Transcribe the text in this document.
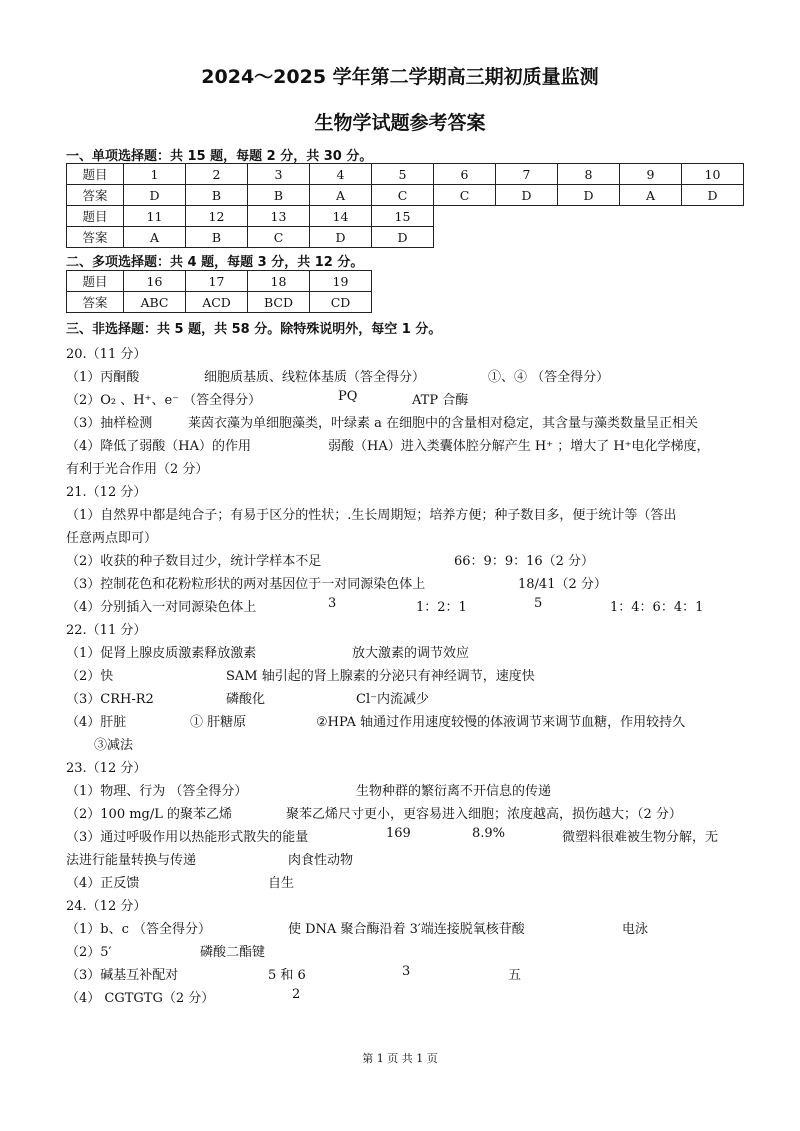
2024～2025 学年第二学期高三期初质量监测
生物学试题参考答案
一、单项选择题：共 15 题，每题 2 分，共 30 分。
题目	1	2	3	4	5	6	7	8	9	10
答案	D	B	B	A	C	C	D	D	A	D
题目	11	12	13	14	15
答案	A	B	C	D	D
二、多项选择题：共 4 题，每题 3 分，共 12 分。
题目	16	17	18	19
答案	ABC	ACD	BCD	CD
三、非选择题：共 5 题，共 58 分。除特殊说明外，每空 1 分。
20.（11 分）
（1）丙酮酸	细胞质基质、线粒体基质（答全得分）	①、④ （答全得分）
（2）O₂ 、H⁺、e⁻ （答全得分）	PQ	ATP 合酶
（3）抽样检测	莱茵衣藻为单细胞藻类，叶绿素 a 在细胞中的含量相对稳定，其含量与藻类数量呈正相关
（4）降低了弱酸（HA）的作用	弱酸（HA）进入类囊体腔分解产生 H⁺ ；增大了 H⁺电化学梯度，
有利于光合作用（2 分）
21.（12 分）
（1）自然界中都是纯合子；有易于区分的性状；.生长周期短；培养方便；种子数目多，便于统计等（答出
任意两点即可）
（2）收获的种子数目过少，统计学样本不足	66：9：9：16（2 分）
（3）控制花色和花粉粒形状的两对基因位于一对同源染色体上	18/41（2 分）
（4）分别插入一对同源染色体上	3	1：2：1	5	1：4：6：4：1
22.（11 分）
（1）促肾上腺皮质激素释放激素	放大激素的调节效应
（2）快	SAM 轴引起的肾上腺素的分泌只有神经调节，速度快
（3）CRH-R2	磷酸化	Cl⁻内流减少
（4）肝脏	① 肝糖原	②HPA 轴通过作用速度较慢的体液调节来调节血糖，作用较持久
③减法
23.（12 分）
（1）物理、行为 （答全得分）	生物种群的繁衍离不开信息的传递
（2）100 mg/L 的聚苯乙烯	聚苯乙烯尺寸更小，更容易进入细胞；浓度越高，损伤越大；（2 分）
（3）通过呼吸作用以热能形式散失的能量	169	8.9%	微塑料很难被生物分解，无
法进行能量转换与传递	肉食性动物
（4）正反馈	自生
24.（12 分）
（1）b、c （答全得分）	使 DNA 聚合酶沿着 3′端连接脱氧核苷酸	电泳
（2）5′	磷酸二酯键
（3）碱基互补配对	5 和 6	3	五
（4） CGTGTG（2 分）	2
第 1 页 共 1 页
